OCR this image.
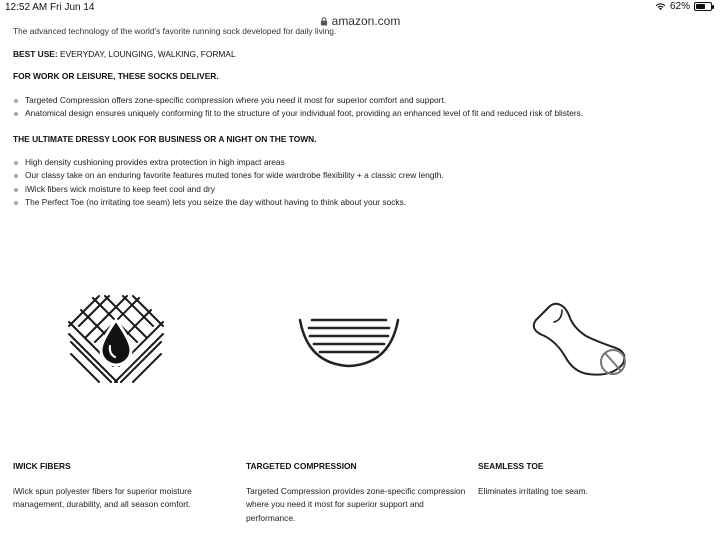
12:52 AM Fri Jun 14	62%
amazon.com
The advanced technology of the world's favorite running sock developed for daily living.
BEST USE: EVERYDAY, LOUNGING, WALKING, FORMAL
FOR WORK OR LEISURE, THESE SOCKS DELIVER.
Targeted Compression offers zone-specific compression where you need it most for superior comfort and support.
Anatomical design ensures uniquely conforming fit to the structure of your individual foot, providing an enhanced level of fit and reduced risk of blisters.
THE ULTIMATE DRESSY LOOK FOR BUSINESS OR A NIGHT ON THE TOWN.
High density cushioning provides extra protection in high impact areas
Our classy take on an enduring favorite features muted tones for wide wardrobe flexibility + a classic crew length.
iWick fibers wick moisture to keep feet cool and dry
The Perfect Toe (no irritating toe seam) lets you seize the day without having to think about your socks.
IWICK FIBERS
iWick spun polyester fibers for superior moisture management, durability, and all season comfort.
TARGETED COMPRESSION
Targeted Compression provides zone-specific compression where you need it most for superior support and performance.
SEAMLESS TOE
Eliminates irritating toe seam.
